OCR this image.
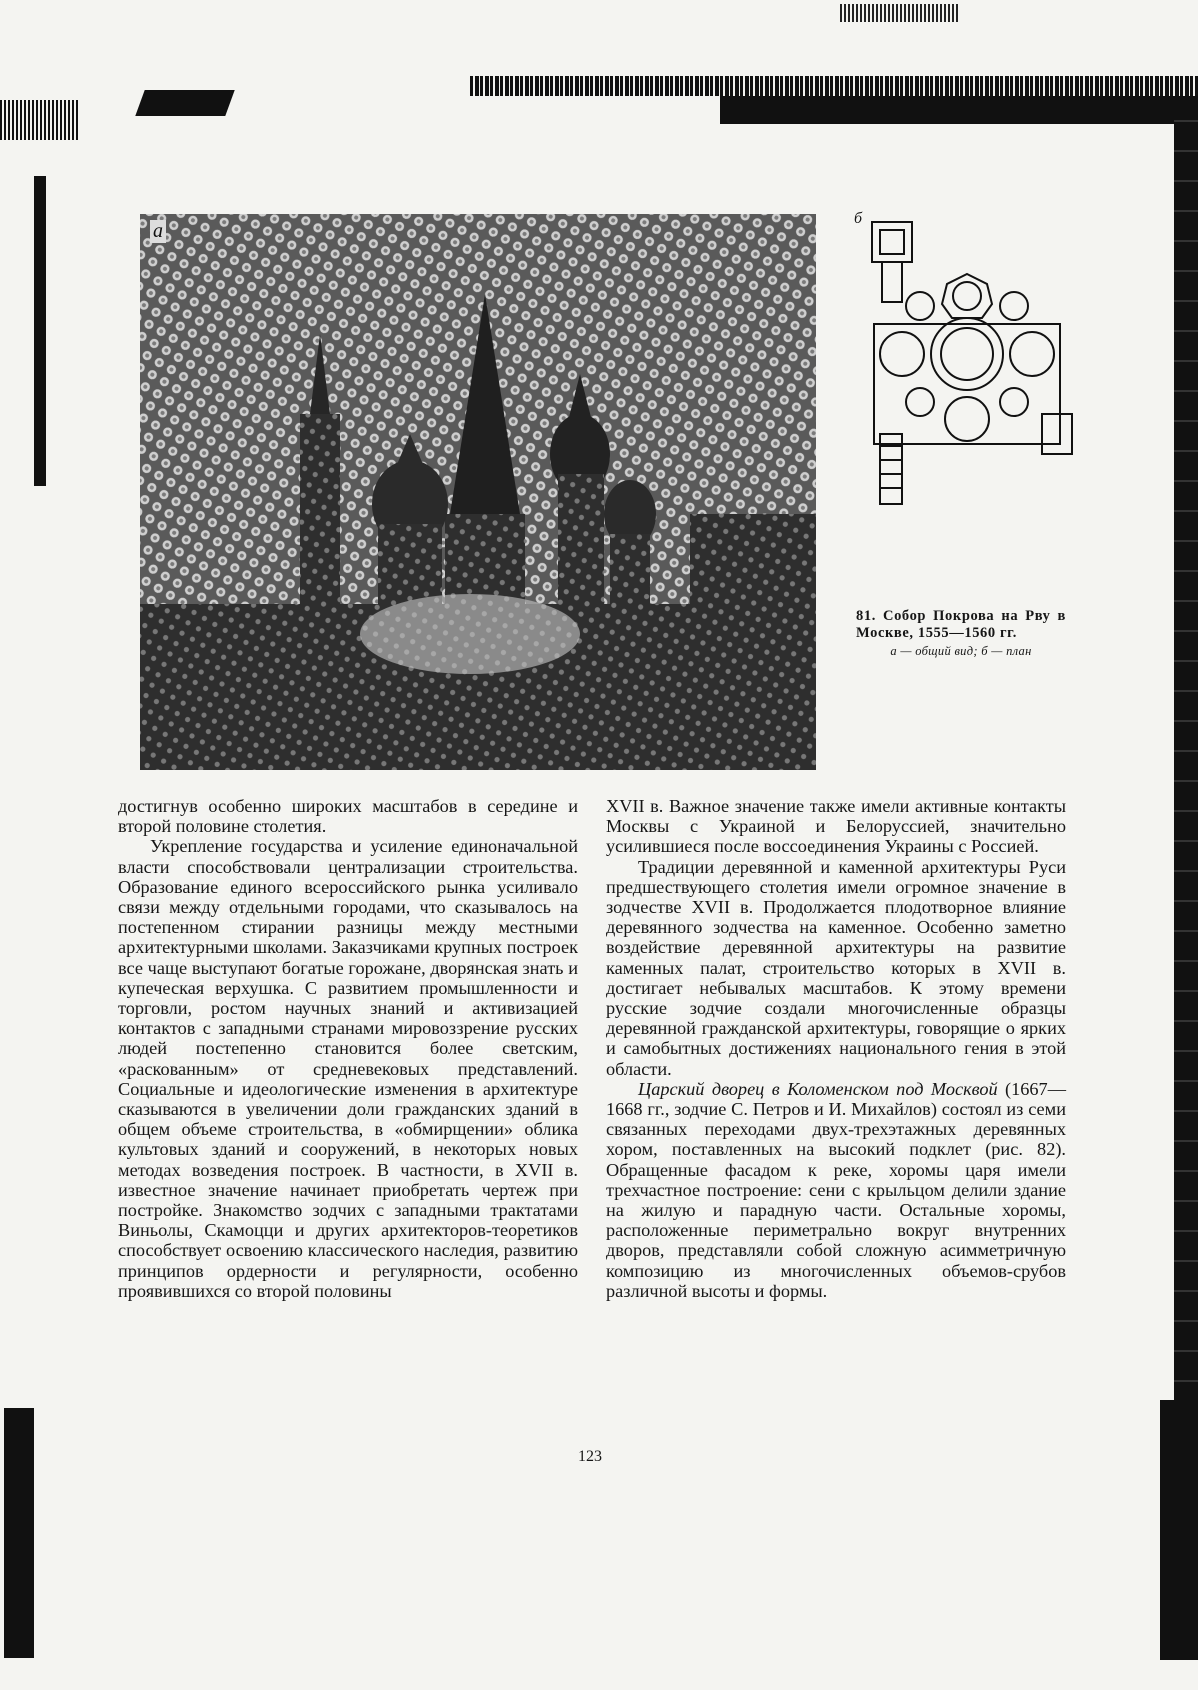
а
б
81. Собор Покрова на Рву в Москве, 1555—1560 гг.
а — общий вид; б — план

достигнув особенно широких масштабов в середине и второй половине столетия.

Укрепление государства и усиление единоначальной власти способствовали централизации строительства. Образование единого всероссийского рынка усиливало связи между отдельными городами, что сказывалось на постепенном стирании разницы между местными архитектурными школами. Заказчиками крупных построек все чаще выступают богатые горожане, дворянская знать и купеческая верхушка. С развитием промышленности и торговли, ростом научных знаний и активизацией контактов с западными странами мировоззрение русских людей постепенно становится более светским, «раскованным» от средневековых представлений. Социальные и идеологические изменения в архитектуре сказываются в увеличении доли гражданских зданий в общем объеме строительства, в «обмирщении» облика культовых зданий и сооружений, в некоторых новых методах возведения построек. В частности, в XVII в. известное значение начинает приобретать чертеж при постройке. Знакомство зодчих с западными трактатами Виньолы, Скамоцци и других архитекторов-теоретиков способствует освоению классического наследия, развитию принципов ордерности и регулярности, особенно проявившихся со второй половины

XVII в. Важное значение также имели активные контакты Москвы с Украиной и Белоруссией, значительно усилившиеся после воссоединения Украины с Россией.

Традиции деревянной и каменной архитектуры Руси предшествующего столетия имели огромное значение в зодчестве XVII в. Продолжается плодотворное влияние деревянного зодчества на каменное. Особенно заметно воздействие деревянной архитектуры на развитие каменных палат, строительство которых в XVII в. достигает небывалых масштабов. К этому времени русские зодчие создали многочисленные образцы деревянной гражданской архитектуры, говорящие о ярких и самобытных достижениях национального гения в этой области.

Царский дворец в Коломенском под Москвой (1667—1668 гг., зодчие С. Петров и И. Михайлов) состоял из семи связанных переходами двух-трехэтажных деревянных хором, поставленных на высокий подклет (рис. 82). Обращенные фасадом к реке, хоромы царя имели трехчастное построение: сени с крыльцом делили здание на жилую и парадную части. Остальные хоромы, расположенные периметрально вокруг внутренних дворов, представляли собой сложную асимметричную композицию из многочисленных объемов-срубов различной высоты и формы.

123
